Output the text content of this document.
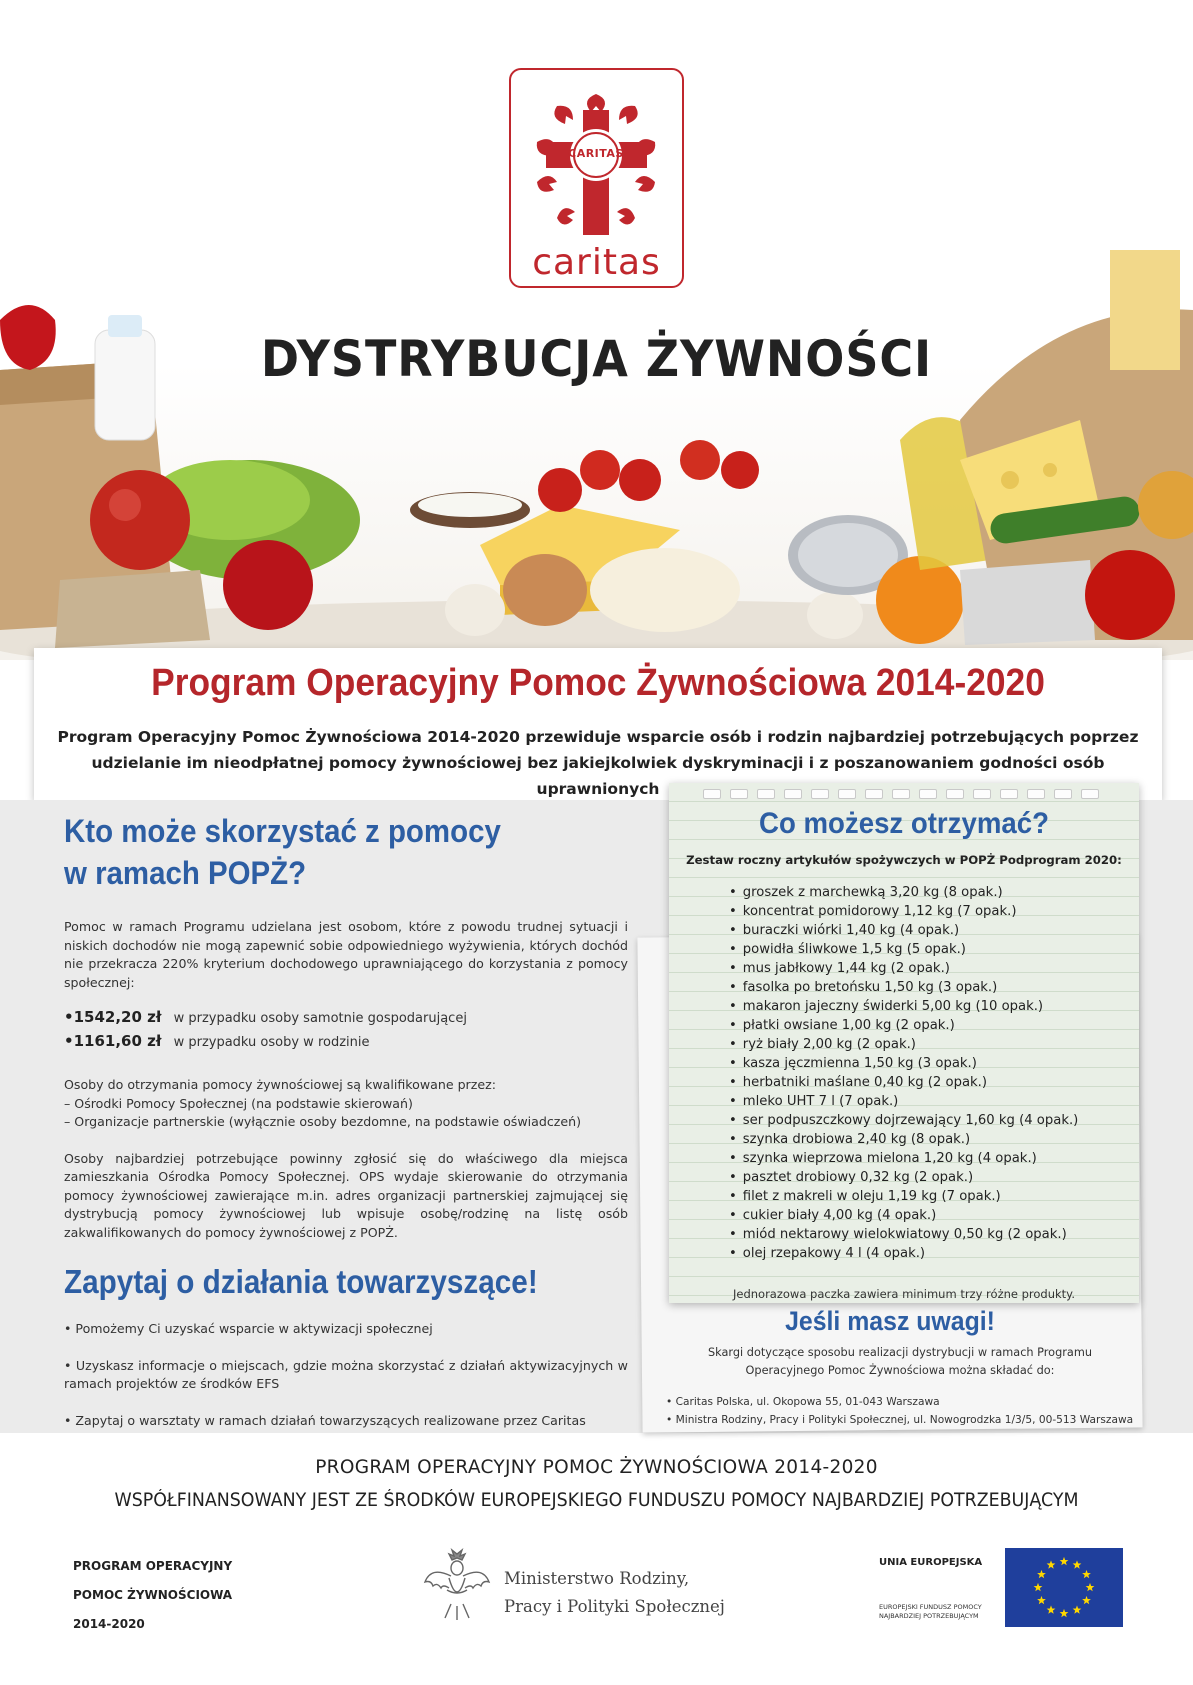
CARITAS
caritas
DYSTRYBUCJA ŻYWNOŚCI
Program Operacyjny Pomoc Żywnościowa 2014-2020
Program Operacyjny Pomoc Żywnościowa 2014-2020 przewiduje wsparcie osób i rodzin najbardziej potrzebujących poprzez udzielanie im nieodpłatnej pomocy żywnościowej bez jakiejkolwiek dyskryminacji i z poszanowaniem godności osób uprawnionych
Kto może skorzystać z pomocy
w ramach POPŻ?
Pomoc w ramach Programu udzielana jest osobom, które z powodu trudnej sytuacji i niskich dochodów nie mogą zapewnić sobie odpowiedniego wyżywienia, których dochód nie przekracza 220% kryterium dochodowego uprawniającego do korzystania z pomocy społecznej:
•1542,20 zł w przypadku osoby samotnie gospodarującej
•1161,60 zł w przypadku osoby w rodzinie
Osoby do otrzymania pomocy żywnościowej są kwalifikowane przez:
– Ośrodki Pomocy Społecznej (na podstawie skierowań)
– Organizacje partnerskie (wyłącznie osoby bezdomne, na podstawie oświadczeń)
Osoby najbardziej potrzebujące powinny zgłosić się do właściwego dla miejsca zamieszkania Ośrodka Pomocy Społecznej. OPS wydaje skierowanie do otrzymania pomocy żywnościowej zawierające m.in. adres organizacji partnerskiej zajmującej się dystrybucją pomocy żywnościowej lub wpisuje osobę/rodzinę na listę osób zakwalifikowanych do pomocy żywnościowej z POPŻ.
Zapytaj o działania towarzyszące!
• Pomożemy Ci uzyskać wsparcie w aktywizacji społecznej
• Uzyskasz informacje o miejscach, gdzie można skorzystać z działań aktywizacyjnych w ramach projektów ze środków EFS
• Zapytaj o warsztaty w ramach działań towarzyszących realizowane przez Caritas
Jeśli masz uwagi!
Skargi dotyczące sposobu realizacji dystrybucji w ramach Programu Operacyjnego Pomoc Żywnościowa można składać do:
• Caritas Polska, ul. Okopowa 55, 01-043 Warszawa
• Ministra Rodziny, Pracy i Polityki Społecznej, ul. Nowogrodzka 1/3/5, 00-513 Warszawa
Co możesz otrzymać?
Zestaw roczny artykułów spożywczych w POPŻ Podprogram 2020:
• groszek z marchewką 3,20 kg (8 opak.)
• koncentrat pomidorowy 1,12 kg (7 opak.)
• buraczki wiórki 1,40 kg (4 opak.)
• powidła śliwkowe 1,5 kg (5 opak.)
• mus jabłkowy 1,44 kg (2 opak.)
• fasolka po bretońsku 1,50 kg (3 opak.)
• makaron jajeczny świderki 5,00 kg (10 opak.)
• płatki owsiane 1,00 kg (2 opak.)
• ryż biały 2,00 kg (2 opak.)
• kasza jęczmienna 1,50 kg (3 opak.)
• herbatniki maślane 0,40 kg (2 opak.)
• mleko UHT 7 l (7 opak.)
• ser podpuszczkowy dojrzewający 1,60 kg (4 opak.)
• szynka drobiowa 2,40 kg (8 opak.)
• szynka wieprzowa mielona 1,20 kg (4 opak.)
• pasztet drobiowy 0,32 kg (2 opak.)
• filet z makreli w oleju 1,19 kg (7 opak.)
• cukier biały 4,00 kg (4 opak.)
• miód nektarowy wielokwiatowy 0,50 kg (2 opak.)
• olej rzepakowy 4 l (4 opak.)
Jednorazowa paczka zawiera minimum trzy różne produkty.
PROGRAM OPERACYJNY POMOC ŻYWNOŚCIOWA 2014-2020
WSPÓŁFINANSOWANY JEST ZE ŚRODKÓW EUROPEJSKIEGO FUNDUSZU POMOCY NAJBARDZIEJ POTRZEBUJĄCYM
PROGRAM OPERACYJNY
POMOC ŻYWNOŚCIOWA
2014-2020
Ministerstwo Rodziny,
Pracy i Polityki Społecznej
UNIA EUROPEJSKA
EUROPEJSKI FUNDUSZ POMOCY
NAJBARDZIEJ POTRZEBUJĄCYM
